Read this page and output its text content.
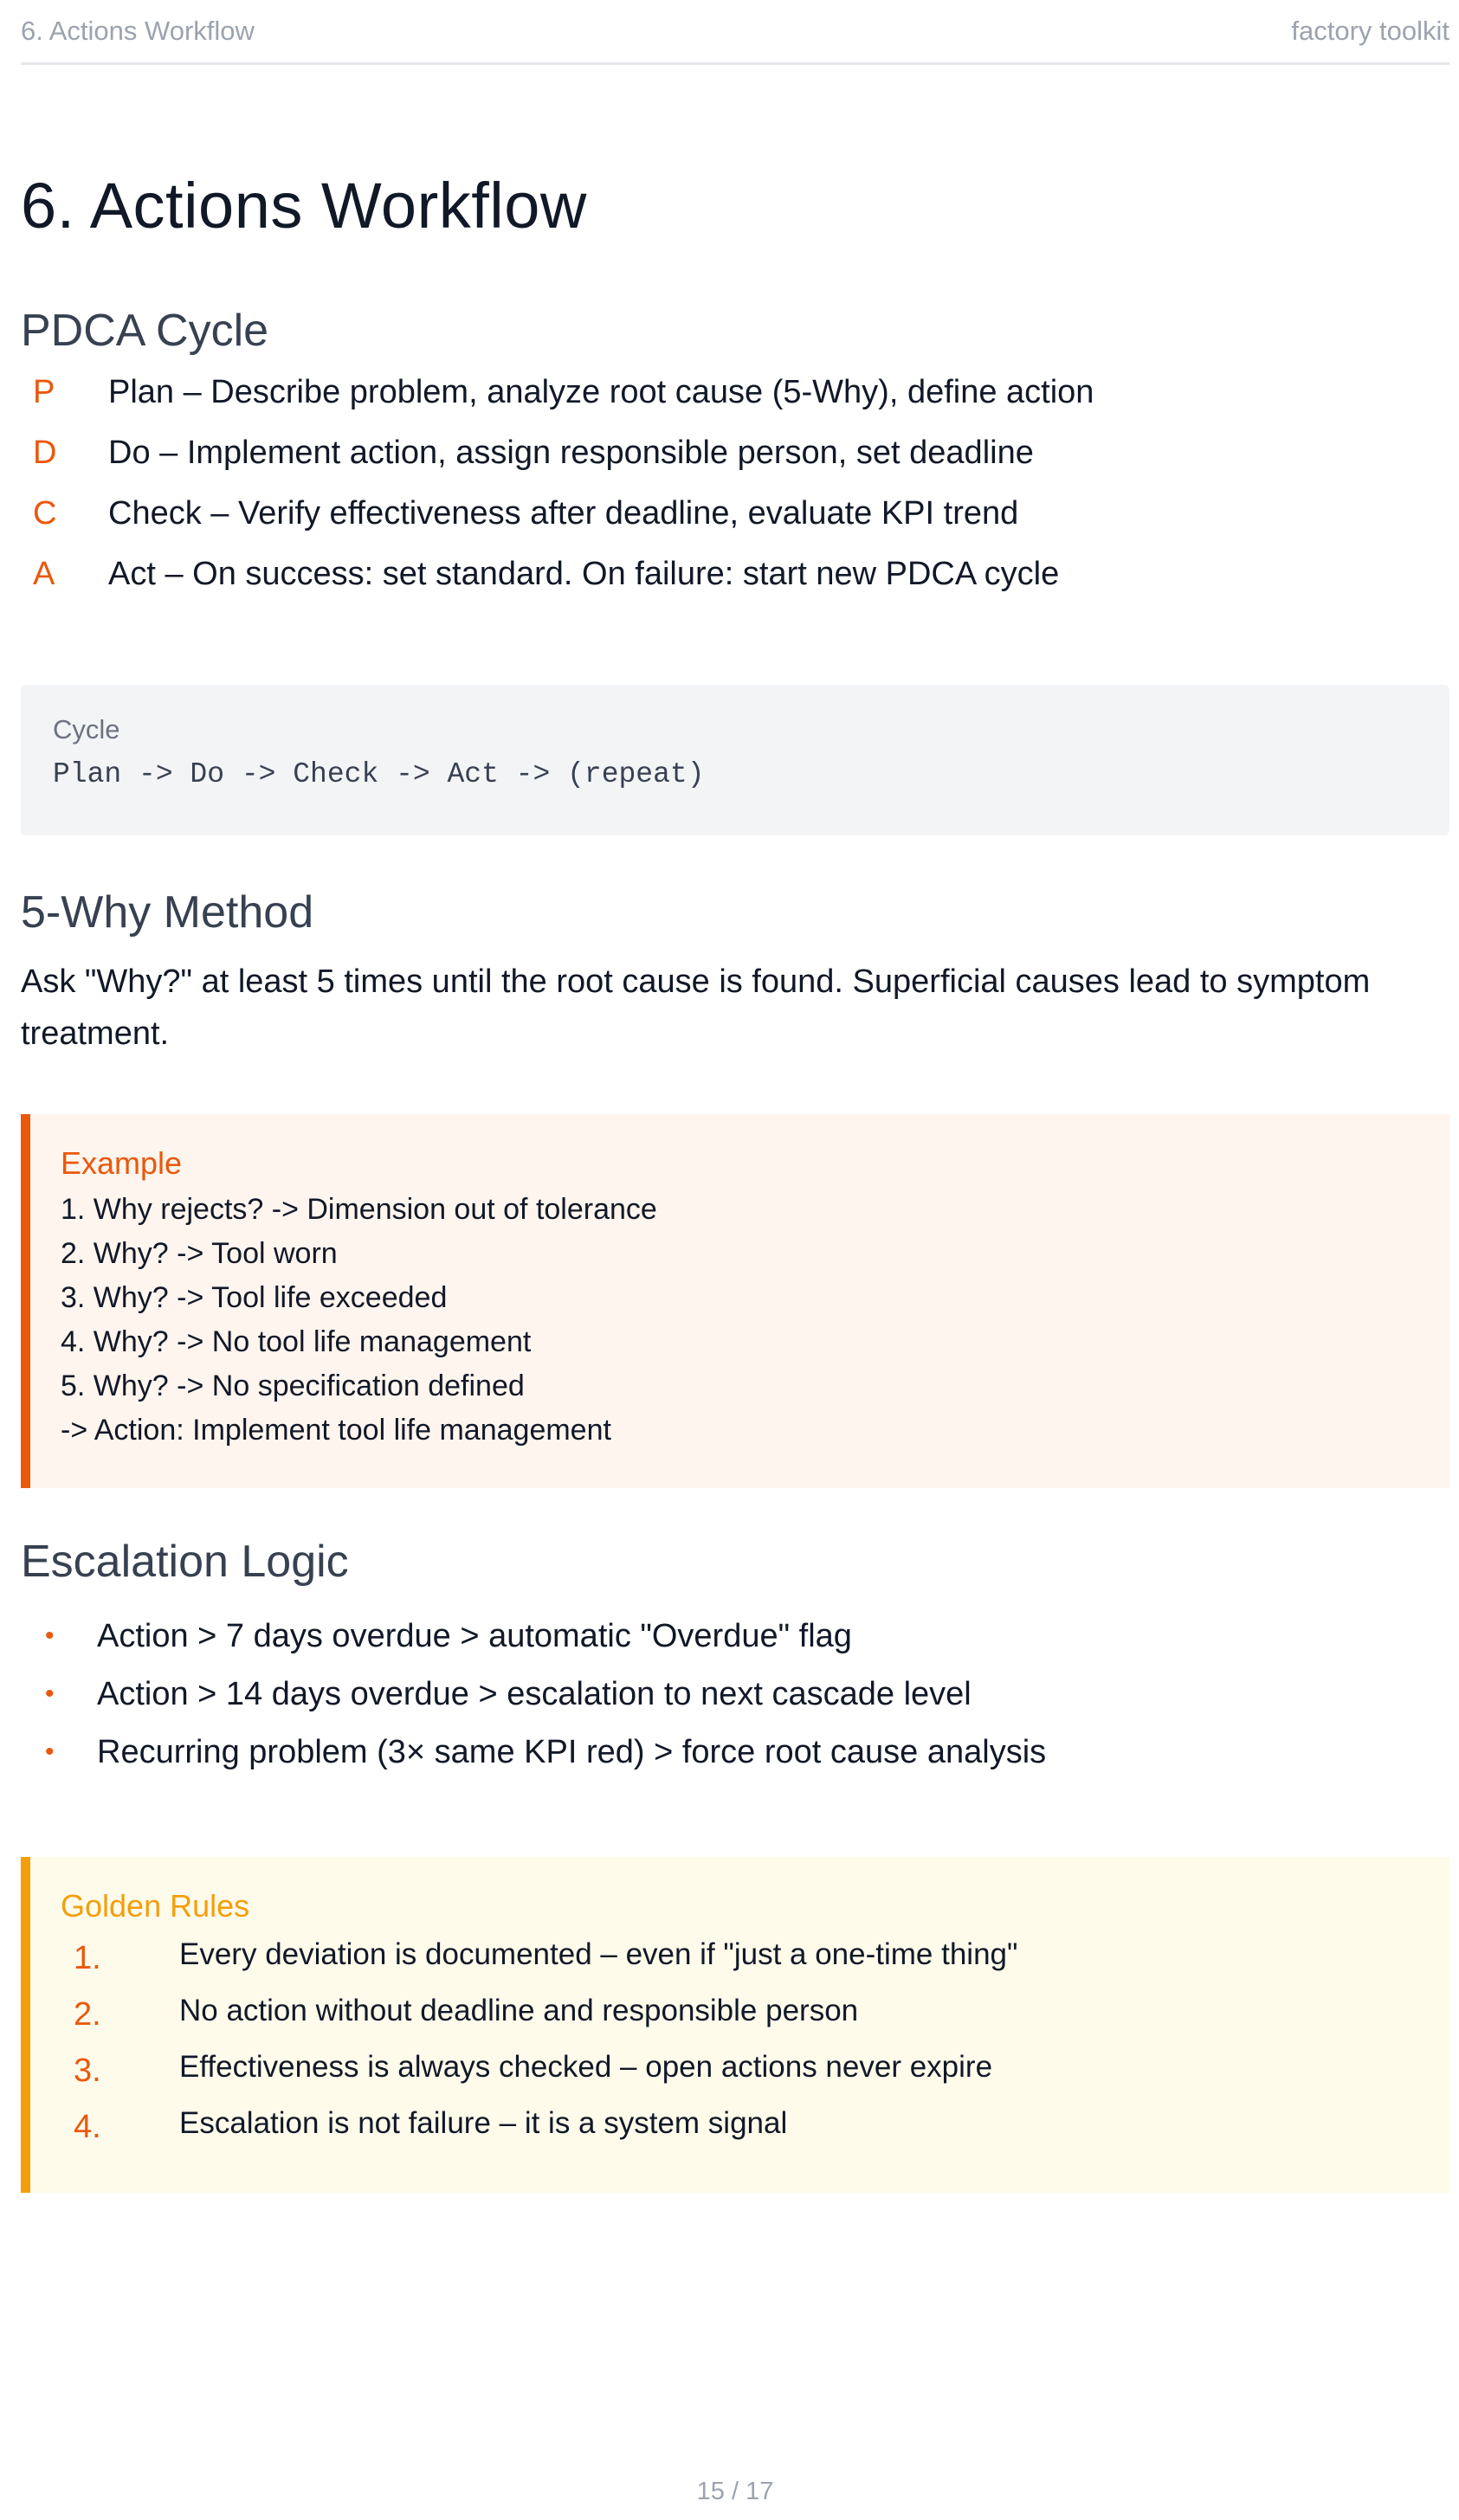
6. Actions Workflow	factory toolkit
6. Actions Workflow
PDCA Cycle
P Plan – Describe problem, analyze root cause (5-Why), define action
D Do – Implement action, assign responsible person, set deadline
C Check – Verify effectiveness after deadline, evaluate KPI trend
A Act – On success: set standard. On failure: start new PDCA cycle
Cycle
Plan -> Do -> Check -> Act -> (repeat)
5-Why Method

Ask "Why?" at least 5 times until the root cause is found. Superficial causes lead to symptom treatment.

Example
1. Why rejects? -> Dimension out of tolerance
2. Why? -> Tool worn
3. Why? -> Tool life exceeded
4. Why? -> No tool life management
5. Why? -> No specification defined
-> Action: Implement tool life management
Escalation Logic
• Action > 7 days overdue > automatic "Overdue" flag
• Action > 14 days overdue > escalation to next cascade level
• Recurring problem (3× same KPI red) > force root cause analysis
Golden Rules
1.	Every deviation is documented – even if "just a one-time thing"
2.	No action without deadline and responsible person
3.	Effectiveness is always checked – open actions never expire
4.	Escalation is not failure – it is a system signal
15 / 17
